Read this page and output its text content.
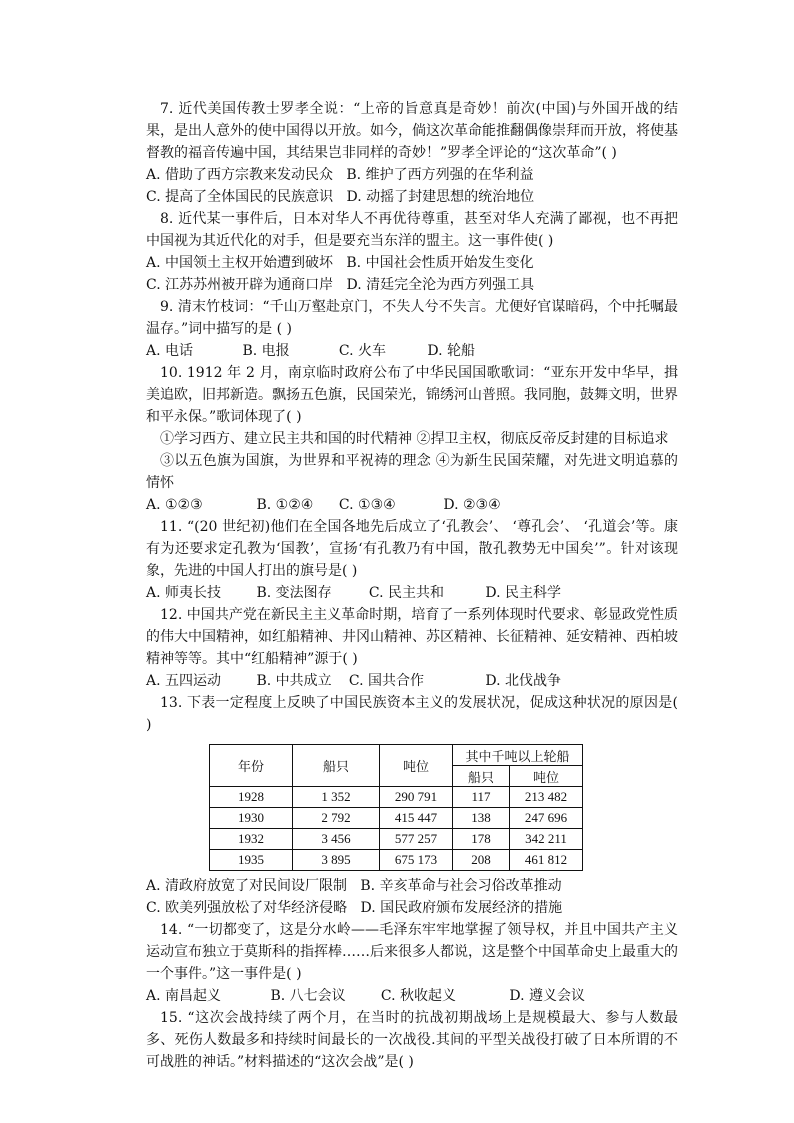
7. 近代美国传教士罗孝全说：“上帝的旨意真是奇妙！前次(中国)与外国开战的结果，是出人意外的使中国得以开放。如今，倘这次革命能推翻偶像崇拜而开放，将使基督教的福音传遍中国，其结果岂非同样的奇妙！”罗孝全评论的“这次革命”( )

A. 借助了西方宗教来发动民众 B. 维护了西方列强的在华利益
C. 提高了全体国民的民族意识 D. 动摇了封建思想的统治地位

8. 近代某一事件后，日本对华人不再优待尊重，甚至对华人充满了鄙视，也不再把中国视为其近代化的对手，但是要充当东洋的盟主。这一事件使( )

A. 中国领土主权开始遭到破坏 B. 中国社会性质开始发生变化
C. 江苏苏州被开辟为通商口岸 D. 清廷完全沦为西方列强工具

9. 清末竹枝词：“千山万壑赴京门，不失人兮不失言。尤便好官谋暗码，个中托嘱最温存。”词中描写的是 ( )

A. 电话	B. 电报	C. 火车	D. 轮船

10. 1912 年 2 月，南京临时政府公布了中华民国国歌歌词：“亚东开发中华早，揖美追欧，旧邦新造。飘扬五色旗，民国荣光，锦绣河山普照。我同胞，鼓舞文明，世界和平永保。”歌词体现了( )

①学习西方、建立民主共和国的时代精神 ②捍卫主权，彻底反帝反封建的目标追求

③以五色旗为国旗，为世界和平祝祷的理念 ④为新生民国荣耀，对先进文明追慕的情怀

A. ①②③	B. ①②④ C. ①③④	D. ②③④

11. “(20 世纪初)他们在全国各地先后成立了‘孔教会’、 ‘尊孔会’、 ‘孔道会’等。康有为还要求定孔教为‘国教’，宣扬‘有孔教乃有中国，散孔教势无中国矣’”。针对该现象，先进的中国人打出的旗号是( )

A. 师夷长技	B. 变法图存	C. 民主共和	D. 民主科学

12. 中国共产党在新民主主义革命时期，培育了一系列体现时代要求、彰显政党性质的伟大中国精神，如红船精神、井冈山精神、苏区精神、长征精神、延安精神、西柏坡精神等等。其中“红船精神”源于( )

A. 五四运动	B. 中共成立 C. 国共合作	D. 北伐战争

13. 下表一定程度上反映了中国民族资本主义的发展状况，促成这种状况的原因是( )

年份	船只	吨位	其中千吨以上轮船	
			船只	吨位
1928	1 352	290 791	117	213 482
1930	2 792	415 447	138	247 696
1932	3 456	577 257	178	342 211
1935	3 895	675 173	208	461 812
A. 清政府放宽了对民间设厂限制 B. 辛亥革命与社会习俗改革推动
C. 欧美列强放松了对华经济侵略 D. 国民政府颁布发展经济的措施

14. “一切都变了，这是分水岭——毛泽东牢牢地掌握了领导权，并且中国共产主义运动宣布独立于莫斯科的指挥棒……后来很多人都说，这是整个中国革命史上最重大的一个事件。”这一事件是( )

A. 南昌起义	B. 八七会议	C. 秋收起义	D. 遵义会议

15. “这次会战持续了两个月，在当时的抗战初期战场上是规模最大、参与人数最多、死伤人数最多和持续时间最长的一次战役.其间的平型关战役打破了日本所谓的不可战胜的神话。”材料描述的“这次会战”是( )
